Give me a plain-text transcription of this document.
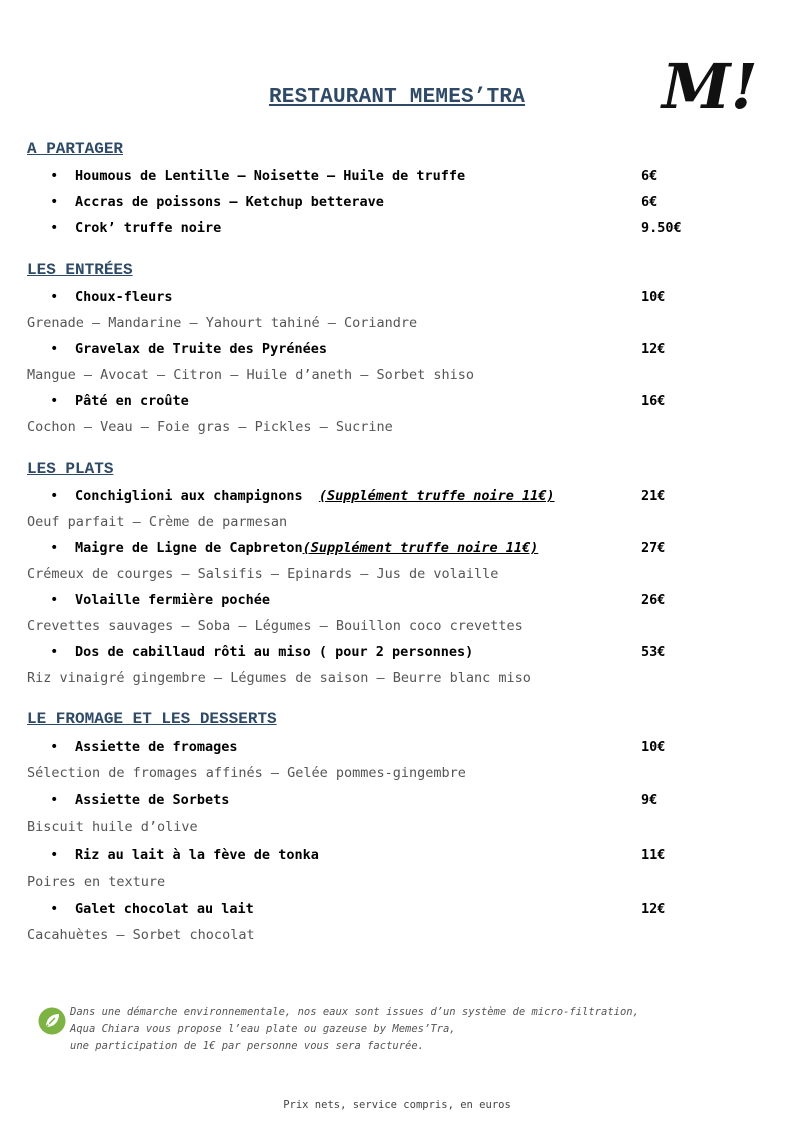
RESTAURANT MEMES’TRA	M!
A PARTAGER
• Houmous de Lentille – Noisette – Huile de truffe	6€
• Accras de poissons – Ketchup betterave	6€
• Crok’ truffe noire	9.50€
LES ENTRÉES
• Choux-fleurs	10€
Grenade – Mandarine – Yahourt tahiné – Coriandre
• Gravelax de Truite des Pyrénées	12€
Mangue – Avocat – Citron – Huile d’aneth – Sorbet shiso
• Pâté en croûte	16€
Cochon – Veau – Foie gras – Pickles – Sucrine
LES PLATS
• Conchiglioni aux champignons (Supplément truffe noire 11€)	21€
Oeuf parfait – Crème de parmesan
• Maigre de Ligne de Capbreton(Supplément truffe noire 11€)	27€
Crémeux de courges – Salsifis – Epinards – Jus de volaille
• Volaille fermière pochée	26€
Crevettes sauvages – Soba – Légumes – Bouillon coco crevettes
• Dos de cabillaud rôti au miso ( pour 2 personnes)	53€
Riz vinaigré gingembre – Légumes de saison – Beurre blanc miso
LE FROMAGE ET LES DESSERTS
• Assiette de fromages	10€
Sélection de fromages affinés – Gelée pommes-gingembre
• Assiette de Sorbets	9€
Biscuit huile d’olive
• Riz au lait à la fève de tonka	11€
Poires en texture
• Galet chocolat au lait	12€
Cacahuètes – Sorbet chocolat
Dans une démarche environnementale, nos eaux sont issues d’un système de micro-filtration,
Aqua Chiara vous propose l’eau plate ou gazeuse by Memes’Tra,
une participation de 1€ par personne vous sera facturée.
Prix nets, service compris, en euros
